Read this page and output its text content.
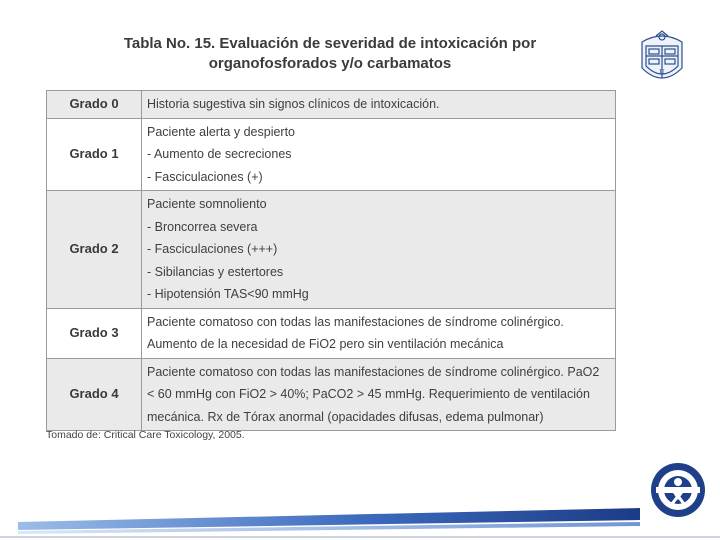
Tabla No. 15. Evaluación de severidad de intoxicación por
organofosforados y/o carbamatos	U
Grado 0	Historia sugestiva sin signos clínicos de intoxicación.

Grado 1	Paciente alerta y despierto
- Aumento de secreciones
- Fasciculaciones (+)

Grado 2	Paciente somnoliento
- Broncorrea severa
- Fasciculaciones (+++)
- Sibilancias y estertores
- Hipotensión TAS<90 mmHg

Grado 3	Paciente comatoso con todas las manifestaciones de síndrome colinérgico. Aumento de la necesidad de FiO2 pero sin ventilación mecánica

Grado 4	Paciente comatoso con todas las manifestaciones de síndrome colinérgico. PaO2 < 60 mmHg con FiO2 > 40%; PaCO2 > 45 mmHg. Requerimiento de ventilación mecánica. Rx de Tórax anormal (opacidades difusas, edema pulmonar)
Tomado de: Critical Care Toxicology, 2005.
